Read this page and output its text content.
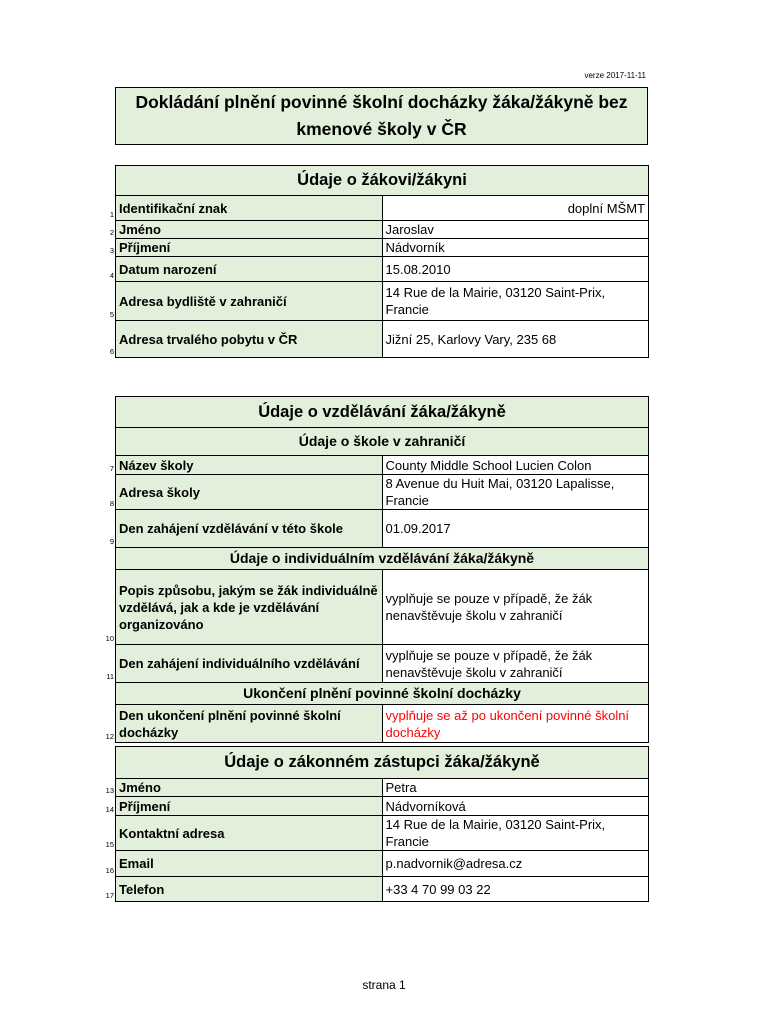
verze 2017-11-11
Dokládání plnění povinné školní docházky žáka/žákyně bez kmenové školy v ČR
Údaje o žákovi/žákyni	

1 Identifikační znak	doplní MŠMT

2 Jméno	Jaroslav

3 Příjmení	Nádvorník

4 Datum narození	15.08.2010

5
Adresa bydliště v zahraničí	14 Rue de la Mairie, 03120 Saint-Prix, Francie

6
Adresa trvalého pobytu v ČR	Jižní 25, Karlovy Vary, 235 68
Údaje o vzdělávání žáka/žákyně	
Údaje o škole v zahraničí	

7 Název školy	County Middle School Lucien Colon

8
Adresa školy	8 Avenue du Huit Mai, 03120 Lapalisse, Francie

9
Den zahájení vzdělávání v této škole	01.09.2017
Údaje o individuálním vzdělávání žáka/žákyně	

10
Popis způsobu, jakým se žák individuálně vzdělává, jak a kde je vzdělávání organizováno	vyplňuje se pouze v případě, že žák nenavštěvuje školu v zahraničí

11
Den zahájení individuálního vzdělávání	vyplňuje se pouze v případě, že žák nenavštěvuje školu v zahraničí
Ukončení plnění povinné školní docházky	

12
Den ukončení plnění povinné školní docházky	vyplňuje se až po ukončení povinné školní docházky
Údaje o zákonném zástupci žáka/žákyně	

13 Jméno	Petra

14 Příjmení	Nádvorníková

15
Kontaktní adresa	14 Rue de la Mairie, 03120 Saint-Prix, Francie

16 Email	p.nadvornik@adresa.cz

17 Telefon	+33 4 70 99 03 22
strana 1
